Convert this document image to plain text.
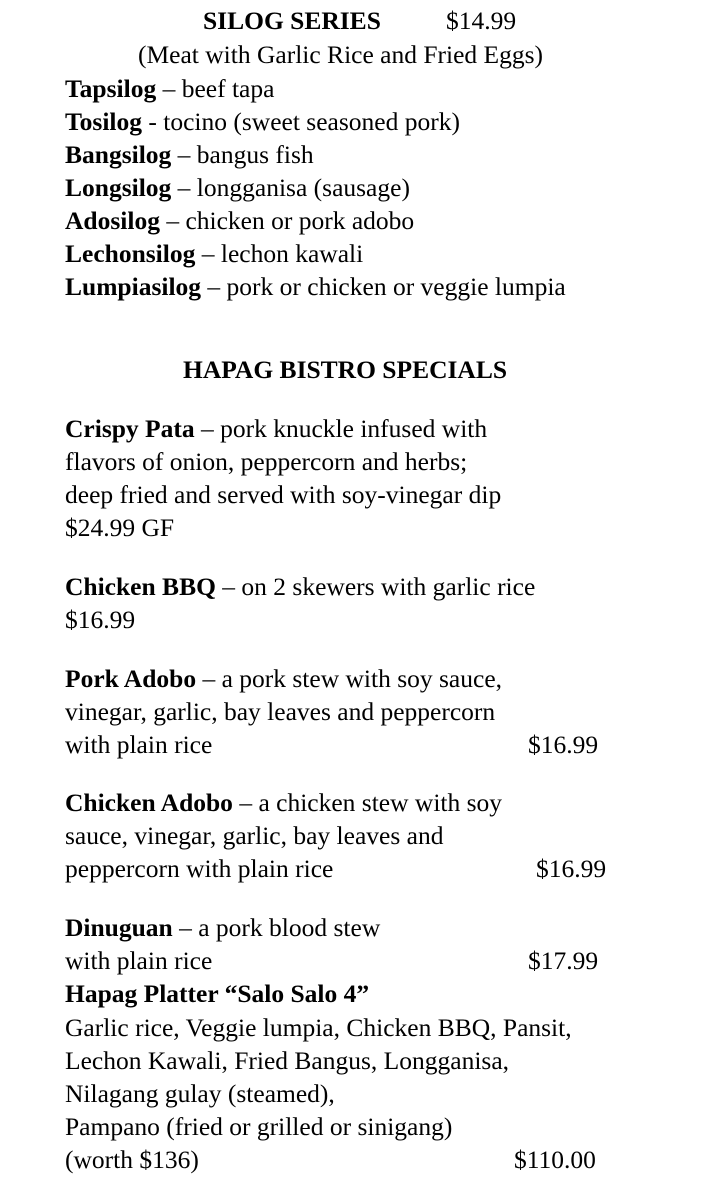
SILOG SERIES	$14.99
(Meat with Garlic Rice and Fried Eggs)
Tapsilog – beef tapa
Tosilog - tocino (sweet seasoned pork)
Bangsilog – bangus fish
Longsilog – longganisa (sausage)
Adosilog – chicken or pork adobo
Lechonsilog – lechon kawali
Lumpiasilog – pork or chicken or veggie lumpia
HAPAG BISTRO SPECIALS
Crispy Pata – pork knuckle infused with
flavors of onion, peppercorn and herbs;
deep fried and served with soy-vinegar dip
$24.99 GF
Chicken BBQ – on 2 skewers with garlic rice
$16.99
Pork Adobo – a pork stew with soy sauce,
vinegar, garlic, bay leaves and peppercorn
with plain rice	$16.99
Chicken Adobo – a chicken stew with soy
sauce, vinegar, garlic, bay leaves and
peppercorn with plain rice	$16.99
Dinuguan – a pork blood stew
with plain rice	$17.99
Hapag Platter “Salo Salo 4”
Garlic rice, Veggie lumpia, Chicken BBQ, Pansit,
Lechon Kawali, Fried Bangus, Longganisa,
Nilagang gulay (steamed),
Pampano (fried or grilled or sinigang)
(worth $136)	$110.00
